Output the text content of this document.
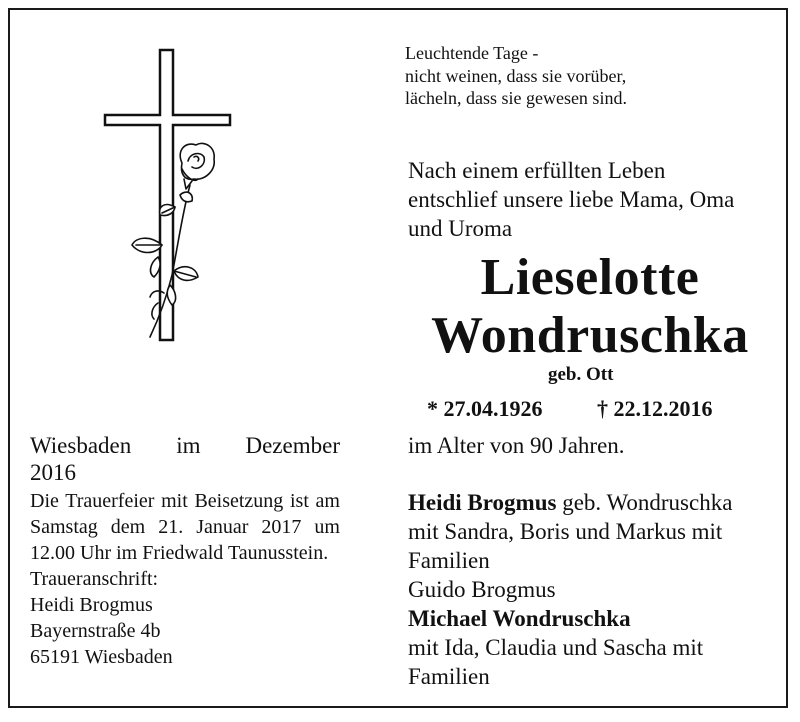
Leuchtende Tage -
nicht weinen, dass sie vorüber,
lächeln, dass sie gewesen sind.
Nach einem erfüllten Leben
entschlief unsere liebe Mama, Oma
und Uroma
Lieselotte
Wondruschka
geb. Ott
* 27.04.1926 † 22.12.2016
im Alter von 90 Jahren.
Heidi Brogmus geb. Wondruschka
mit Sandra, Boris und Markus mit
Familien
Guido Brogmus
Michael Wondruschka
mit Ida, Claudia und Sascha mit
Familien
Wiesbaden im Dezember
2016
Die Trauerfeier mit Beisetzung ist am Samstag dem 21. Januar 2017 um 12.00 Uhr im Friedwald Taunusstein.
Traueranschrift:
Heidi Brogmus
Bayernstraße 4b
65191 Wiesbaden
